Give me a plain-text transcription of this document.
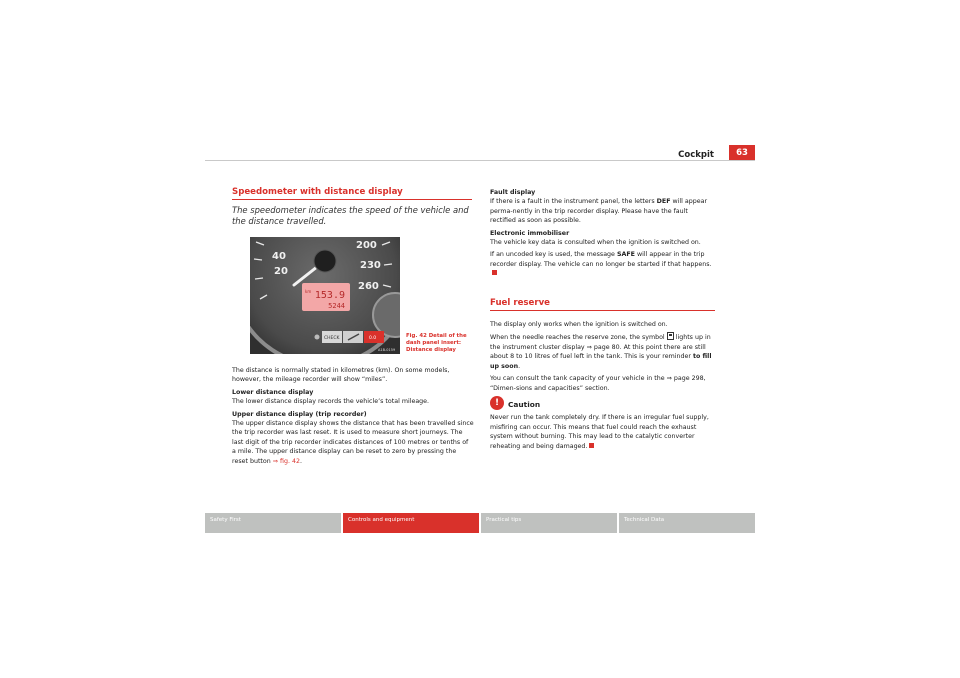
Cockpit	63
Speedometer with distance display
The speedometer indicates the speed of the vehicle and the distance travelled.
40
20
200
230
260
km 153.9
5244
CHECK	0.0
A1B-0159
Fig. 42 Detail of the dash panel insert: Distance display

The distance is normally stated in kilometres (km). On some models, however, the mileage recorder will show “miles”.

Lower distance display

The lower distance display records the vehicle’s total mileage.

Upper distance display (trip recorder)

The upper distance display shows the distance that has been travelled since the trip recorder was last reset. It is used to measure short journeys. The last digit of the trip recorder indicates distances of 100 metres or tenths of a mile. The upper distance display can be reset to zero by pressing the reset button ⇒ fig. 42.

Fault display

If there is a fault in the instrument panel, the letters DEF will appear perma-nently in the trip recorder display. Please have the fault rectified as soon as possible.

Electronic immobiliser

The vehicle key data is consulted when the ignition is switched on.

If an uncoded key is used, the message SAFE will appear in the trip recorder display. The vehicle can no longer be started if that happens.

Fuel reserve

The display only works when the ignition is switched on.

When the needle reaches the reserve zone, the symbol lights up in the instrument cluster display ⇒ page 80. At this point there are still about 8 to 10 litres of fuel left in the tank. This is your reminder to fill up soon.

You can consult the tank capacity of your vehicle in the ⇒ page 298, “Dimen-sions and capacities” section.

!	Caution

Never run the tank completely dry. If there is an irregular fuel supply, misfiring can occur. This means that fuel could reach the exhaust system without burning. This may lead to the catalytic converter reheating and being damaged.

Safety First	Controls and equipment	Practical tips	Technical Data
